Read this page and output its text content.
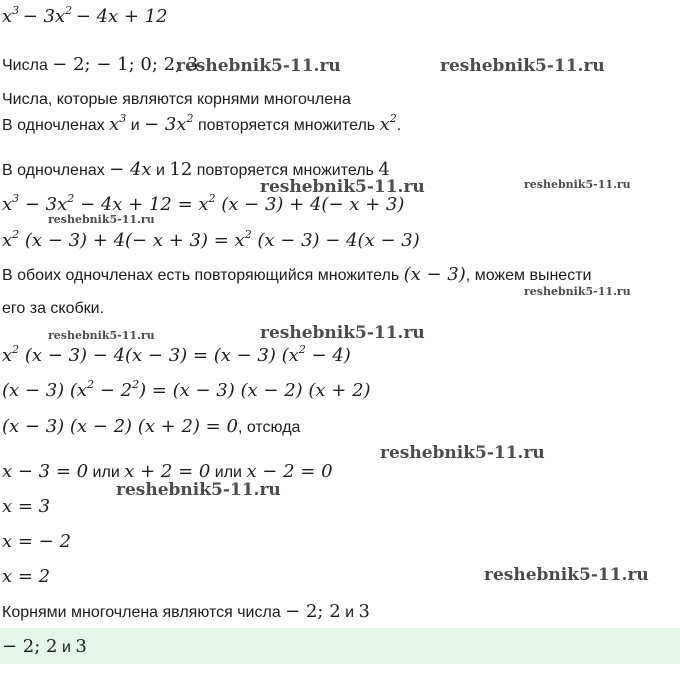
$x^3 - 3x^2 - 4x + 12$
Числа − 2; − 1; 0; 2; 3
Числа, которые являются корнями многочлена
В одночленах $x^3$ $и - 3x^2$ повторяется множитель $x^2$.
В одночленах − 4x и 12 повторяется множитель 4
$x^3 - 3x^2 - 4x + 12 = x^2$ (x − 3) + 4(− x + 3)
$x^2$ $(x - 3) + 4(- x + 3) = x^2$ (x − 3) − 4(x − 3)
В обоих одночленах есть повторяющийся множитель (x − 3), можем вынести
его за скобки.
$x^2$ (x − 3) − 4(x − 3) = (x − 3) $(x^2 - 4)$
(x − 3) $(x^2 - 2^2) = (x - 3) (x - 2) (x + 2)$
(x − 3) (x − 2) (x + 2) = 0, отсюда
x − 3 = 0 или x + 2 = 0 или x − 2 = 0
x = 3
x = − 2
x = 2
Корнями многочлена являются числа − 2; 2 и 3
− 2; 2 и 3
reshebnik5-11.ru	reshebnik5-11.ru
reshebnik5-11.ru	reshebnik5-11.ru
reshebnik5-11.ru
reshebnik5-11.ru
reshebnik5-11.ru	reshebnik5-11.ru
reshebnik5-11.ru
reshebnik5-11.ru
reshebnik5-11.ru
